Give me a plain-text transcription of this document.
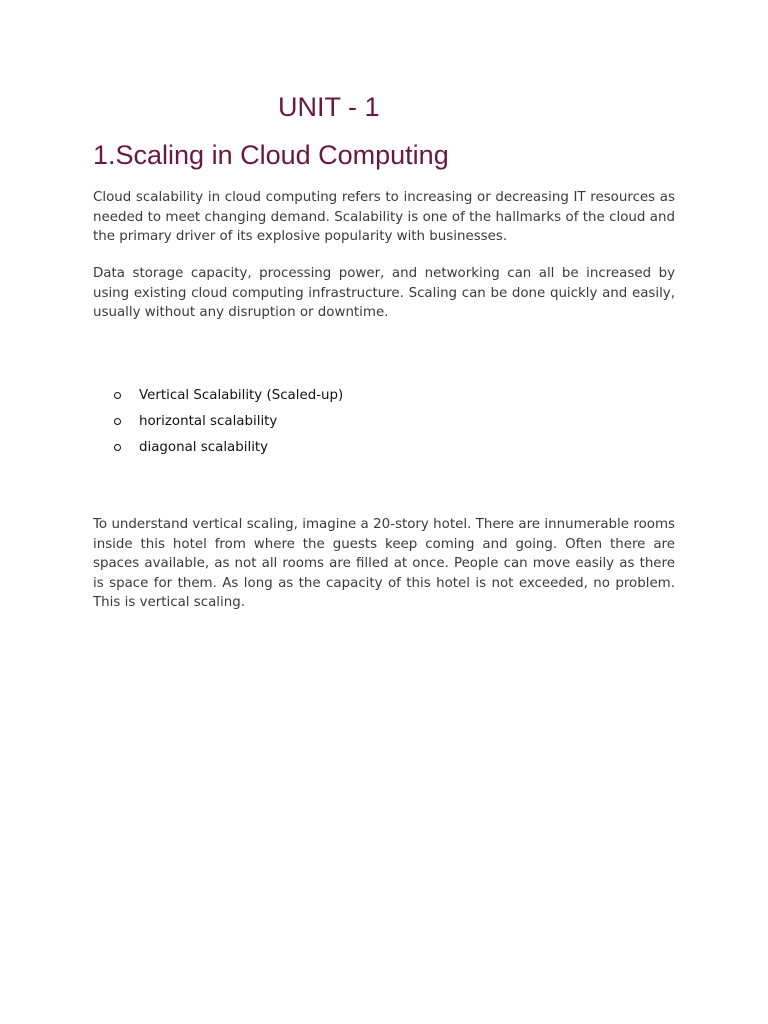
UNIT - 1
1.Scaling in Cloud Computing

Cloud scalability in cloud computing refers to increasing or decreasing IT resources as needed to meet changing demand. Scalability is one of the hallmarks of the cloud and the primary driver of its explosive popularity with businesses.

Data storage capacity, processing power, and networking can all be increased by using existing cloud computing infrastructure. Scaling can be done quickly and easily, usually without any disruption or downtime.

Vertical Scalability (Scaled-up)
horizontal scalability
diagonal scalability

To understand vertical scaling, imagine a 20-story hotel. There are innumerable rooms inside this hotel from where the guests keep coming and going. Often there are spaces available, as not all rooms are filled at once. People can move easily as there is space for them. As long as the capacity of this hotel is not exceeded, no problem. This is vertical scaling.
